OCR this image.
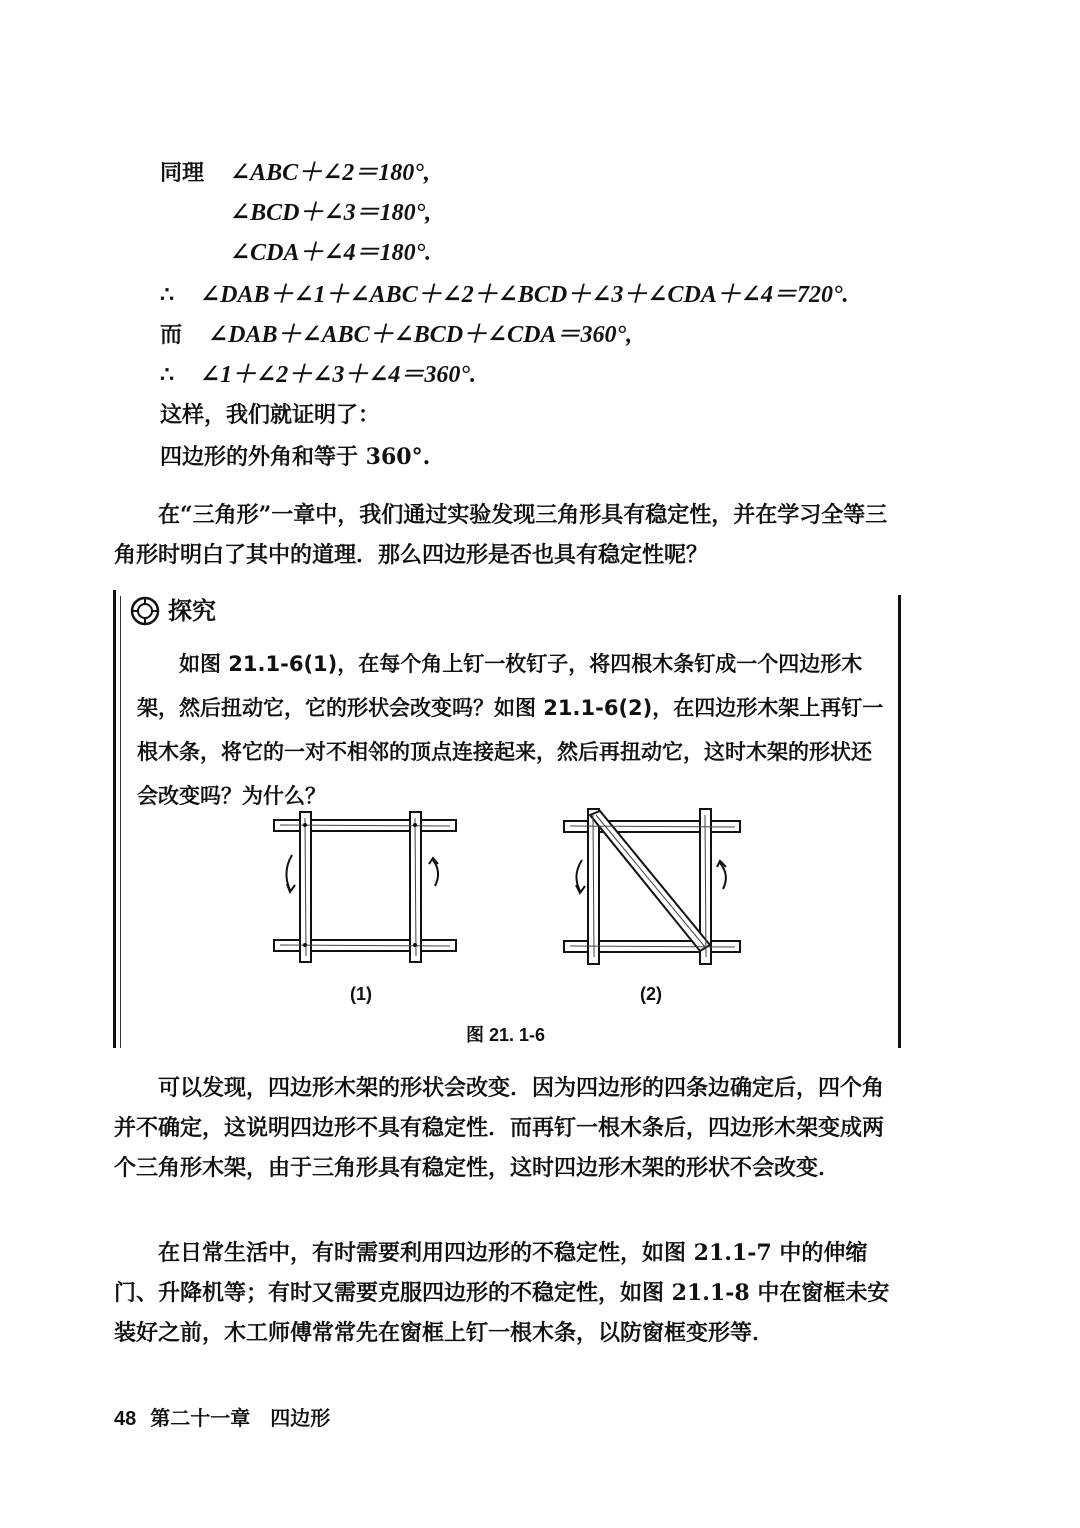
同理 ∠ABC＋∠2＝180°,
∠BCD＋∠3＝180°,
∠CDA＋∠4＝180°.
∴ ∠DAB＋∠1＋∠ABC＋∠2＋∠BCD＋∠3＋∠CDA＋∠4＝720°.
而 ∠DAB＋∠ABC＋∠BCD＋∠CDA＝360°,
∴ ∠1＋∠2＋∠3＋∠4＝360°.
这样，我们就证明了：
四边形的外角和等于 360°.
在“三角形”一章中，我们通过实验发现三角形具有稳定性，并在学习全等三角形时明白了其中的道理．那么四边形是否也具有稳定性呢？
探究
如图 21.1-6(1)，在每个角上钉一枚钉子，将四根木条钉成一个四边形木架，然后扭动它，它的形状会改变吗？如图 21.1-6(2)，在四边形木架上再钉一根木条，将它的一对不相邻的顶点连接起来，然后再扭动它，这时木架的形状还会改变吗？为什么？
(1)	(2)
图 21. 1-6
可以发现，四边形木架的形状会改变．因为四边形的四条边确定后，四个角并不确定，这说明四边形不具有稳定性．而再钉一根木条后，四边形木架变成两个三角形木架，由于三角形具有稳定性，这时四边形木架的形状不会改变．
在日常生活中，有时需要利用四边形的不稳定性，如图 21.1-7 中的伸缩门、升降机等；有时又需要克服四边形的不稳定性，如图 21.1-8 中在窗框未安装好之前，木工师傅常常先在窗框上钉一根木条，以防窗框变形等．
48 第二十一章　四边形
